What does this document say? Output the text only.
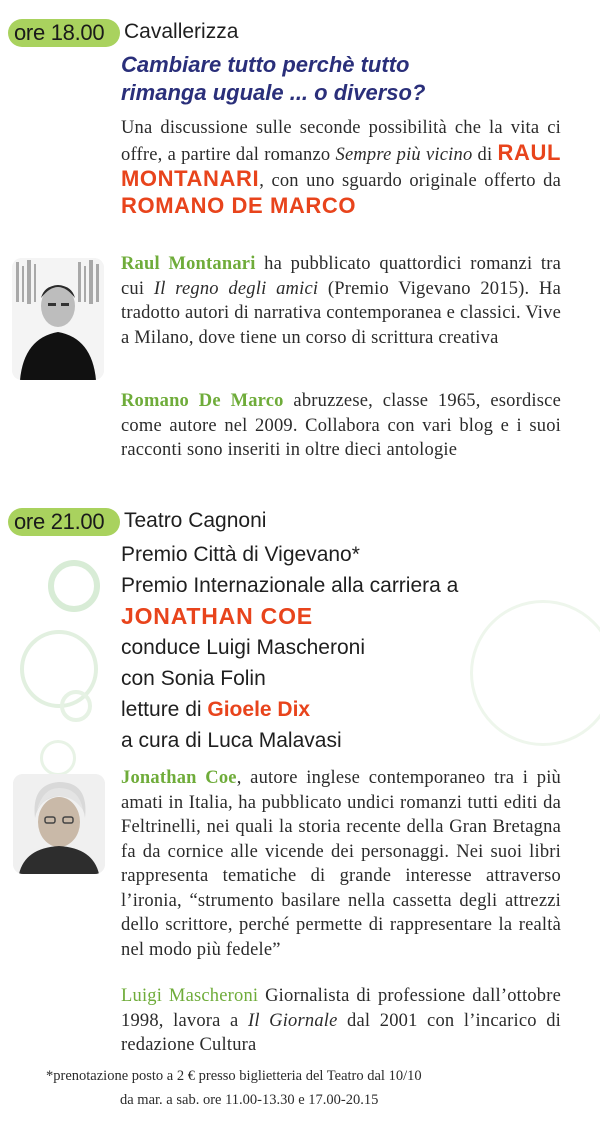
ore 18.00 Cavallerizza
Cambiare tutto perchè tutto
rimanga uguale ... o diverso?
Una discussione sulle seconde possibilità che la vita ci offre, a partire dal romanzo Sempre più vicino di RAUL MONTANARI, con uno sguardo originale offerto da ROMANO DE MARCO
Raul Montanari ha pubblicato quattordici romanzi tra cui Il regno degli amici (Premio Vigevano 2015). Ha tradotto autori di narrativa contemporanea e classici. Vive a Milano, dove tiene un corso di scrittura creativa
Romano De Marco abruzzese, classe 1965, esordisce come autore nel 2009. Collabora con vari blog e i suoi racconti sono inseriti in oltre dieci antologie
ore 21.00 Teatro Cagnoni
Premio Città di Vigevano*
Premio Internazionale alla carriera a
JONATHAN COE
conduce Luigi Mascheroni
con Sonia Folin
letture di Gioele Dix
a cura di Luca Malavasi
Jonathan Coe, autore inglese contemporaneo tra i più amati in Italia, ha pubblicato undici romanzi tutti editi da Feltrinelli, nei quali la storia recente della Gran Bretagna fa da cornice alle vicende dei personaggi. Nei suoi libri rappresenta tematiche di grande interesse attraverso l’ironia, “strumento basilare nella cassetta degli attrezzi dello scrittore, perché permette di rappresentare la realtà nel modo più fedele”
Luigi Mascheroni Giornalista di professione dall’ottobre 1998, lavora a Il Giornale dal 2001 con l’incarico di redazione Cultura
*prenotazione posto a 2 € presso biglietteria del Teatro dal 10/10
da mar. a sab. ore 11.00-13.30 e 17.00-20.15
